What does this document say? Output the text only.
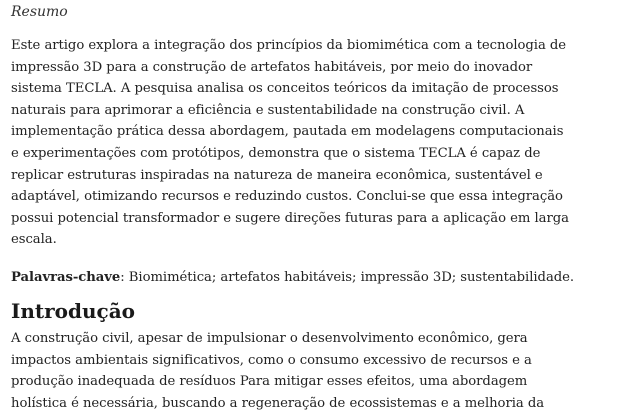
Resumo
Este artigo explora a integração dos princípios da biomimética com a tecnologia de
impressão 3D para a construção de artefatos habitáveis, por meio do inovador
sistema TECLA. A pesquisa analisa os conceitos teóricos da imitação de processos
naturais para aprimorar a eficiência e sustentabilidade na construção civil. A
implementação prática dessa abordagem, pautada em modelagens computacionais
e experimentações com protótipos, demonstra que o sistema TECLA é capaz de
replicar estruturas inspiradas na natureza de maneira econômica, sustentável e
adaptável, otimizando recursos e reduzindo custos. Conclui-se que essa integração
possui potencial transformador e sugere direções futuras para a aplicação em larga
escala.
Palavras-chave: Biomimética; artefatos habitáveis; impressão 3D; sustentabilidade.
Introdução
A construção civil, apesar de impulsionar o desenvolvimento econômico, gera
impactos ambientais significativos, como o consumo excessivo de recursos e a
produção inadequada de resíduos Para mitigar esses efeitos, uma abordagem
holística é necessária, buscando a regeneração de ecossistemas e a melhoria da
